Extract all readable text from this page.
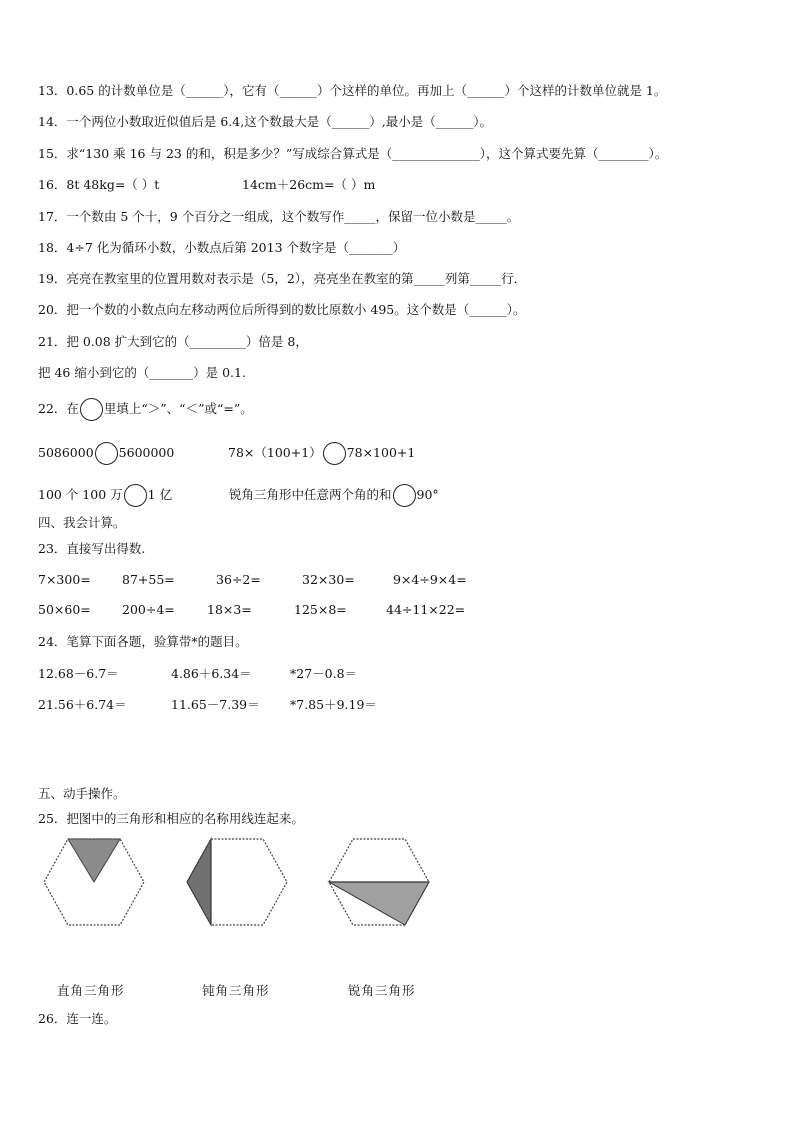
13．0.65 的计数单位是（______），它有（______）个这样的单位。再加上（______）个这样的计数单位就是 1。
14．一个两位小数取近似值后是 6.4,这个数最大是（______）,最小是（______）。
15．求“130 乘 16 与 23 的和，积是多少？”写成综合算式是（______________），这个算式要先算（________）。
16．8t 48kg=（ ）t	14cm＋26cm=（ ）m
17．一个数由 5 个十，9 个百分之一组成，这个数写作_____，保留一位小数是_____。
18．4÷7 化为循环小数，小数点后第 2013 个数字是（_______）
19．亮亮在教室里的位置用数对表示是（5，2），亮亮坐在教室的第_____列第_____行．
20．把一个数的小数点向左移动两位后所得到的数比原数小 495。这个数是（______）。
21．把 0.08 扩大到它的（_________）倍是 8，
把 46 缩小到它的（_______）是 0.1.
22．在 里填上“＞”、“＜”或“=”。
5086000 5600000	78×（100+1） 78×100+1
100 个 100 万 1 亿	锐角三角形中任意两个角的和 90°
四、我会计算。
23．直接写出得数.
7×300= 87+55=	36÷2=	32×30=	9×4÷9×4=
50×60= 200÷4=	18×3=	125×8=	44÷11×22=
24．笔算下面各题，验算带*的题目。
12.68－6.7＝	4.86＋6.34＝	*27－0.8＝
21.56＋6.74＝	11.65－7.39＝ *7.85＋9.19＝
五、动手操作。
25．把图中的三角形和相应的名称用线连起来。
直角三角形	钝角三角形	锐角三角形
26．连一连。
